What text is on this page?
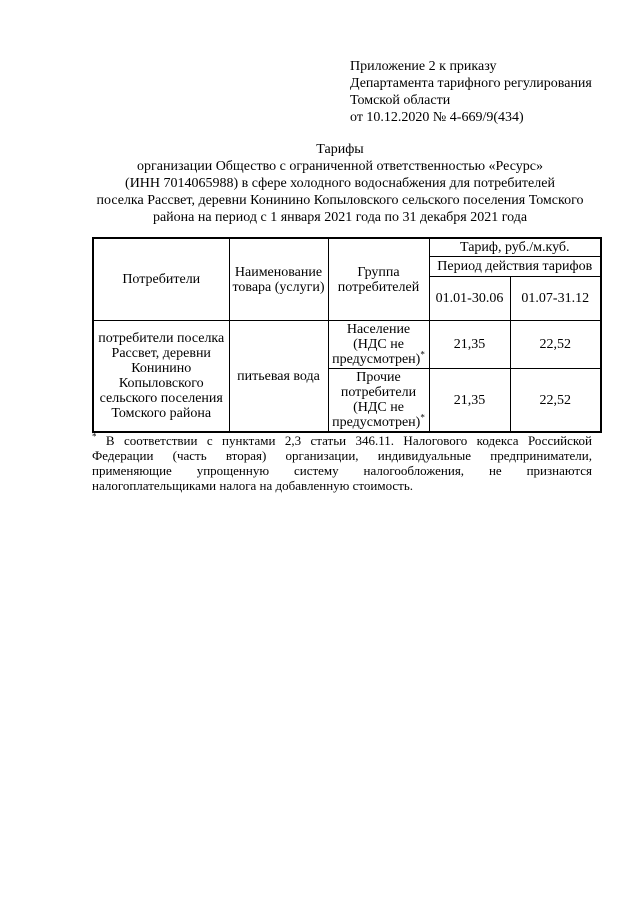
Приложение 2 к приказу
Департамента тарифного регулирования
Томской области
от 10.12.2020 № 4-669/9(434)
Тарифы
организации Общество с ограниченной ответственностью «Ресурс»
(ИНН 7014065988) в сфере холодного водоснабжения для потребителей
поселка Рассвет, деревни Конинино Копыловского сельского поселения Томского
района на период с 1 января 2021 года по 31 декабря 2021 года
Потребители	Наименование товара (услуги)	Группа потребителей	Тариф, руб./м.куб.	
			Период действия тарифов	
			01.01-30.06	01.07-31.12
потребители поселка Рассвет, деревни Конинино Копыловского сельского поселения Томского района	питьевая вода	Население (НДС не предусмотрен)*	21,35	22,52
		Прочие потребители (НДС не предусмотрен)*	21,35	22,52
* В соответствии с пунктами 2,3 статьи 346.11. Налогового кодекса Российской
Федерации (часть вторая) организации, индивидуальные предприниматели,
применяющие упрощенную систему налогообложения, не признаются
налогоплательщиками налога на добавленную стоимость.
